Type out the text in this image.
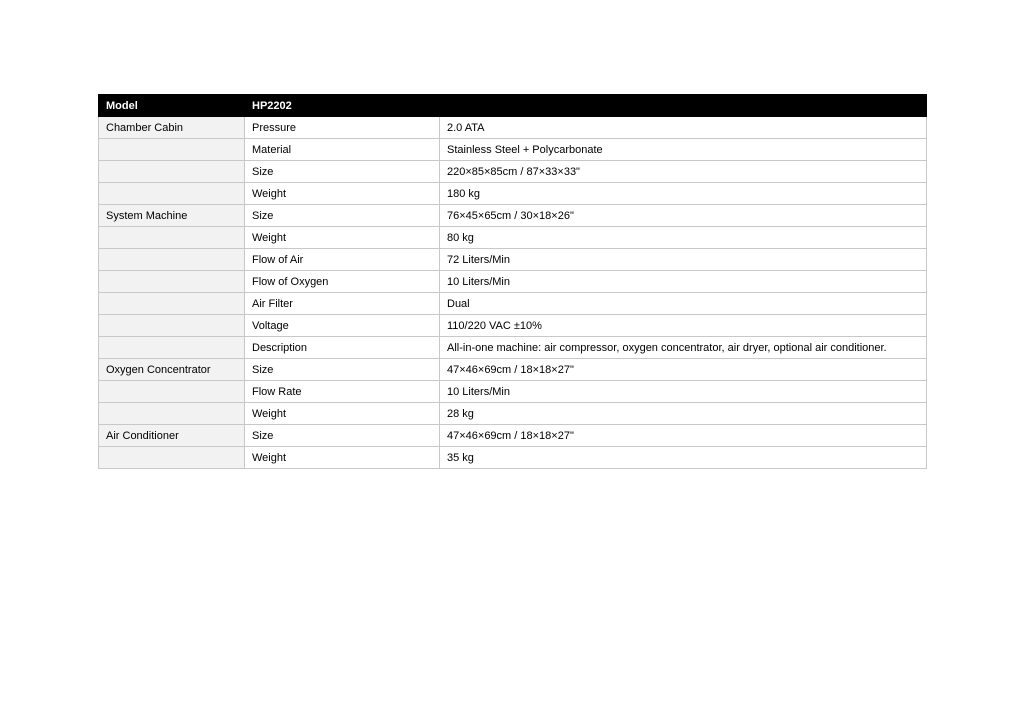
Model	HP2202	
Chamber Cabin	Pressure	2.0 ATA
	Material	Stainless Steel + Polycarbonate
	Size	220×85×85cm / 87×33×33"
	Weight	180 kg
System Machine	Size	76×45×65cm / 30×18×26"
	Weight	80 kg
	Flow of Air	72 Liters/Min
	Flow of Oxygen	10 Liters/Min
	Air Filter	Dual
	Voltage	110/220 VAC ±10%
	Description	All-in-one machine: air compressor, oxygen concentrator, air dryer, optional air conditioner.
Oxygen Concentrator	Size	47×46×69cm / 18×18×27"
	Flow Rate	10 Liters/Min
	Weight	28 kg
Air Conditioner	Size	47×46×69cm / 18×18×27"
	Weight	35 kg
